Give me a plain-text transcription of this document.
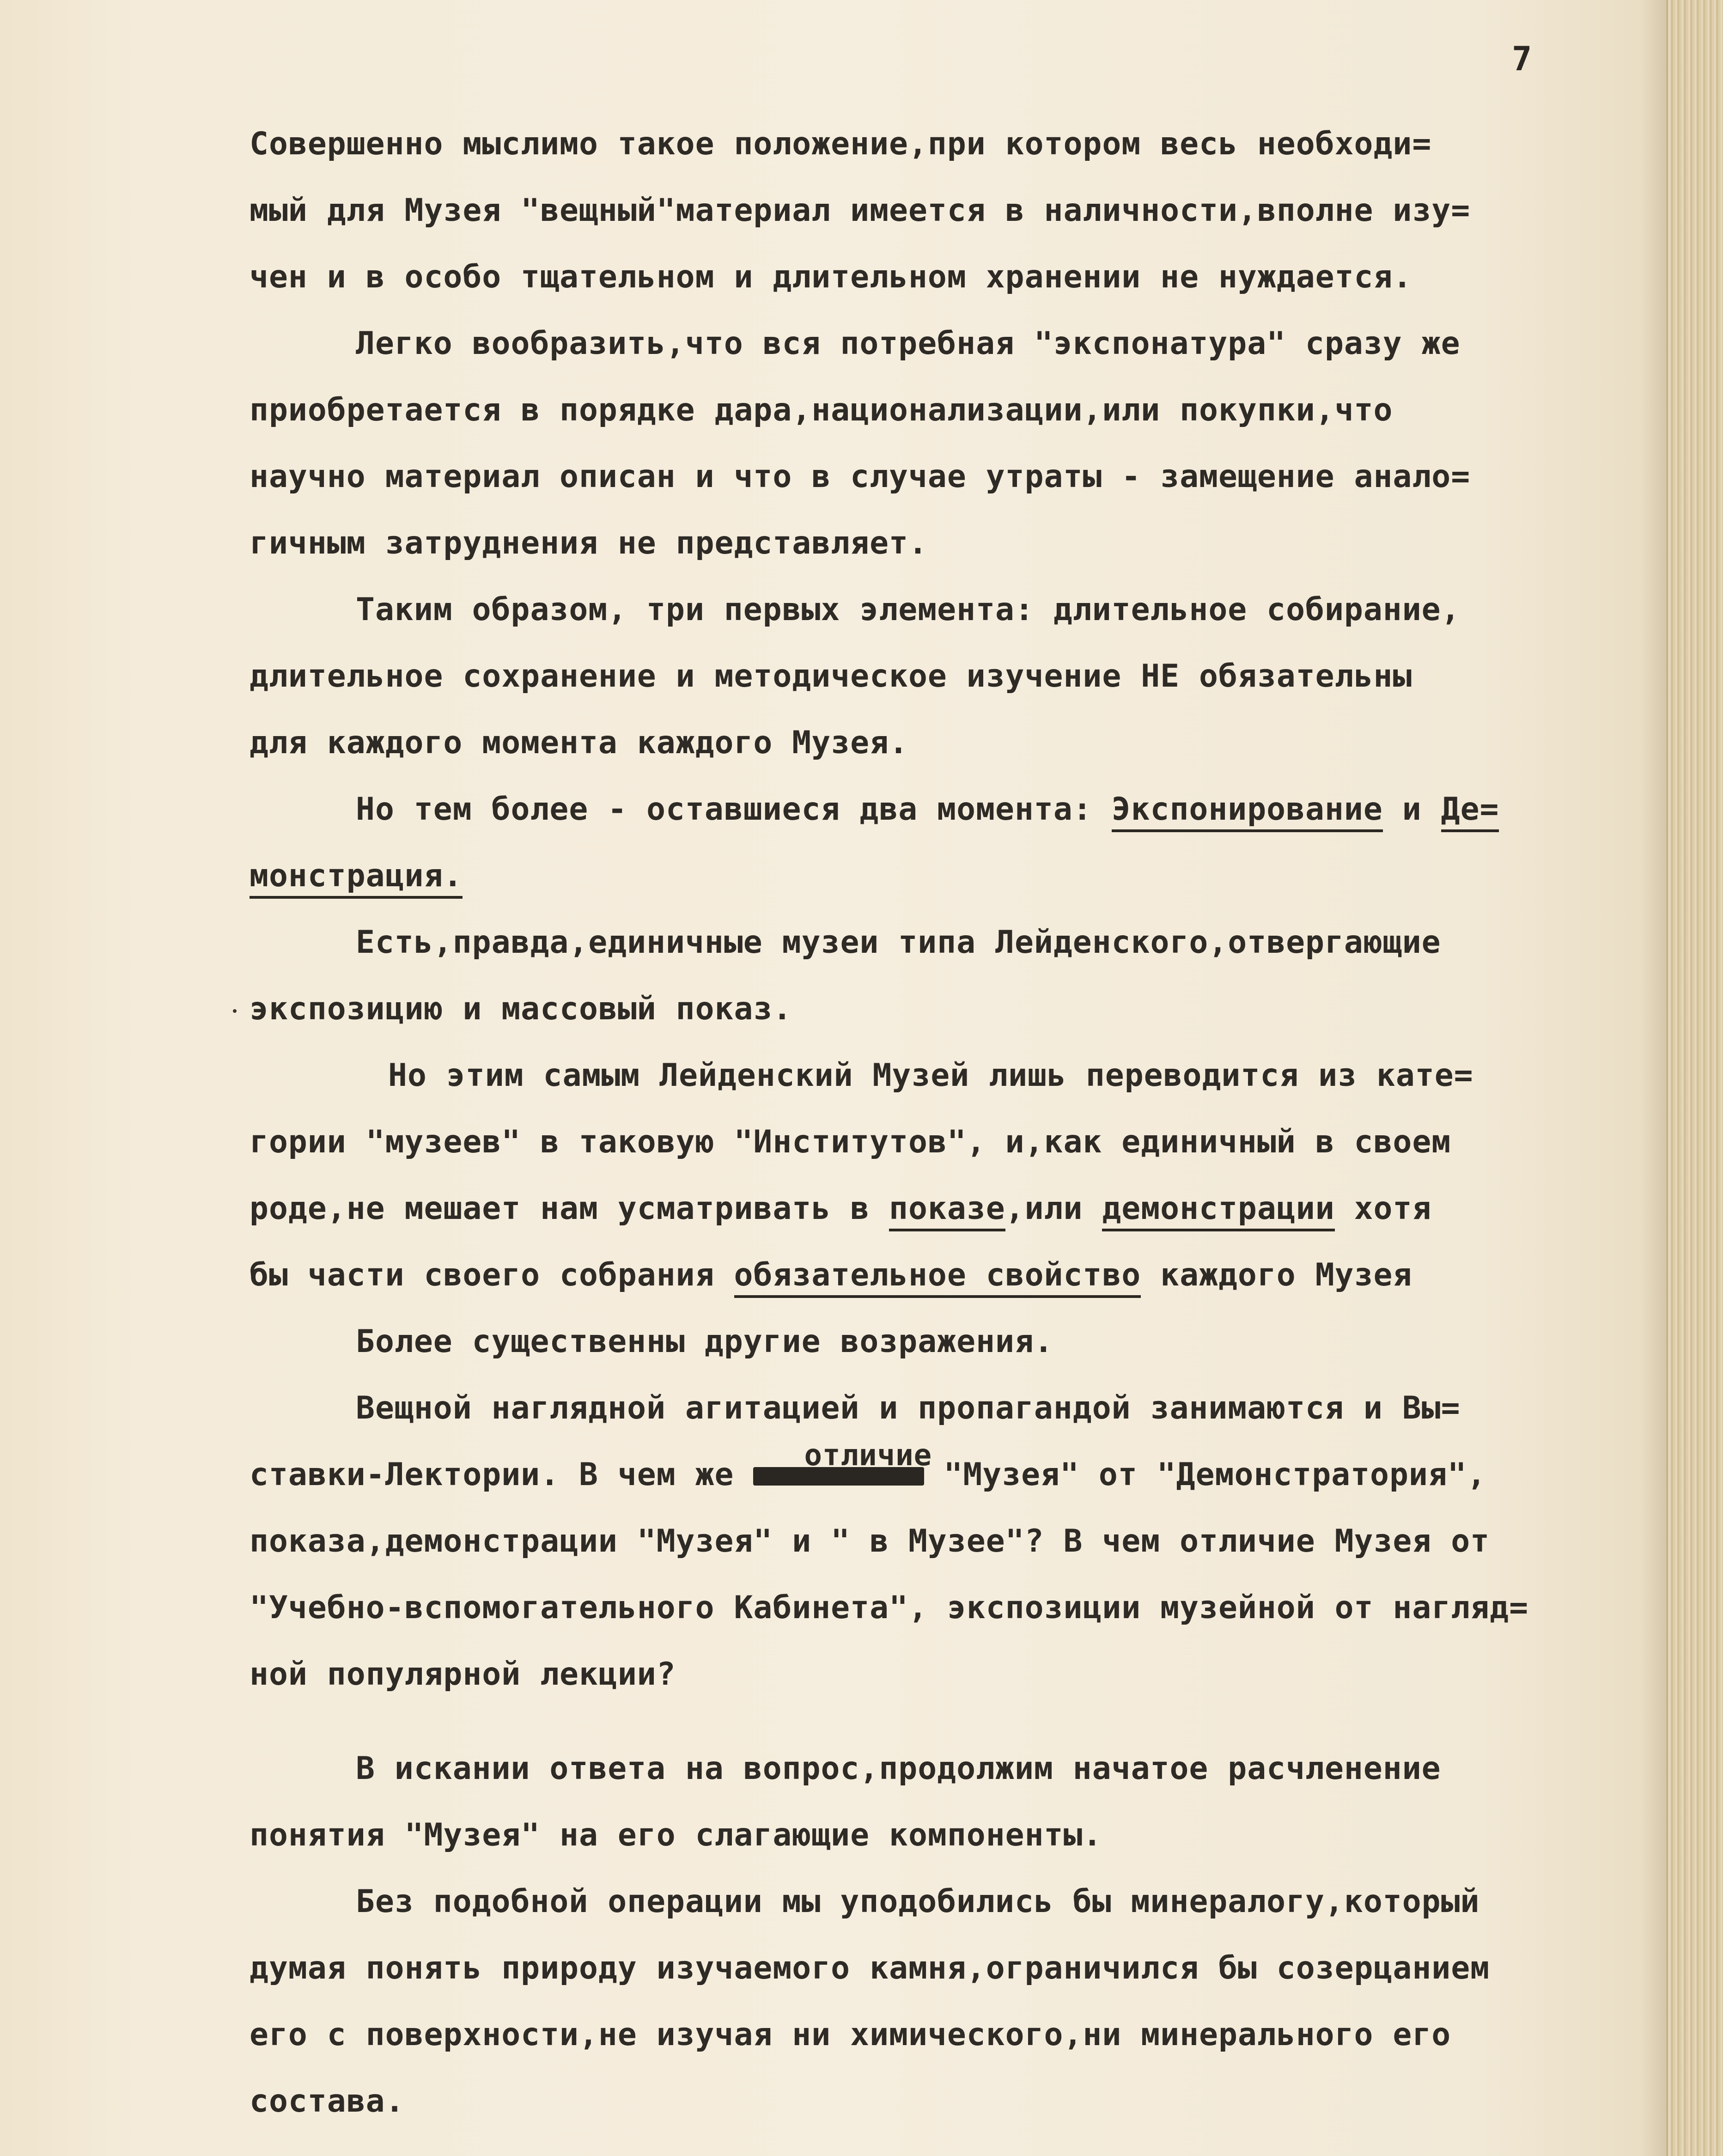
7
Совершенно мыслимо такое положение,при котором весь необходи=
мый для Музея "вещный"материал имеется в наличности,вполне изу=
чен и в особо тщательном и длительном хранении не нуждается.
Легко вообразить,что вся потребная "экспонатура" сразу же
приобретается в порядке дара,национализации,или покупки,что
научно материал описан и что в случае утраты - замещение анало=
гичным затруднения не представляет.
Таким образом, три первых элемента: длительное собирание,
длительное сохранение и методическое изучение НЕ обязательны
для каждого момента каждого Музея.
Но тем более - оставшиеся два момента: Экспонирование и Де=
монстрация.
Есть,правда,единичные музеи типа Лейденского,отвергающие
экспозицию и массовый показ.
Но этим самым Лейденский Музей лишь переводится из кате=
гории "музеев" в таковую "Институтов", и,как единичный в своем
роде,не мешает нам усматривать в показе,или демонстрации хотя
бы части своего собрания обязательное свойство каждого Музея
Более существенны другие возражения.
Вещной наглядной агитацией и пропагандой занимаются и Вы=
ставки-Лектории. В чем же
отличие
"Музея" от "Демонстратория",
показа,демонстрации "Музея" и " в Музее"? В чем отличие Музея от
"Учебно-вспомогательного Кабинета", экспозиции музейной от нагляд=
ной популярной лекции?
В искании ответа на вопрос,продолжим начатое расчленение
понятия "Музея" на его слагающие компоненты.
Без подобной операции мы уподобились бы минералогу,который
думая понять природу изучаемого камня,ограничился бы созерцанием
его с поверхности,не изучая ни химического,ни минерального его
состава.
